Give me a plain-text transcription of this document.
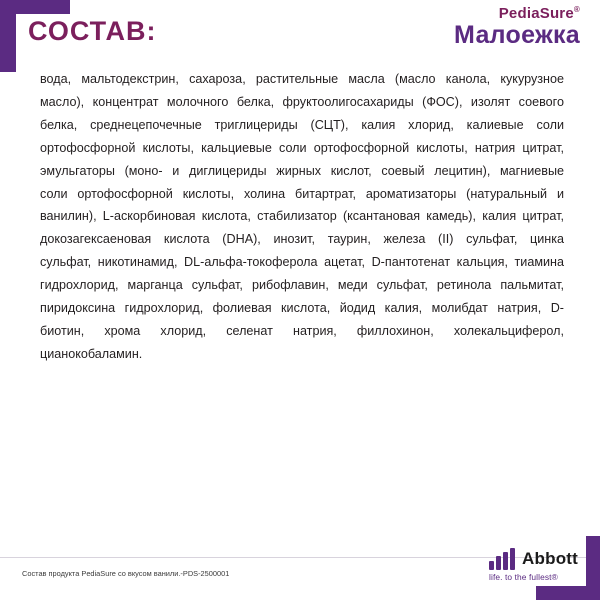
СОСТАВ:
PediaSure®
Малоежка
вода, мальтодекстрин, сахароза, растительные масла (масло канола, кукурузное масло), концентрат молочного белка, фруктоолигосахариды (ФОС), изолят соевого белка, среднецепочечные триглицериды (СЦТ), калия хлорид, калиевые соли ортофосфорной кислоты, кальциевые соли ортофосфорной кислоты, натрия цитрат, эмульгаторы (моно- и диглицериды жирных кислот, соевый лецитин), магниевые соли ортофосфорной кислоты, холина битартрат, ароматизаторы (натуральный и ванилин), L-аскорбиновая кислота, стабилизатор (ксантановая камедь), калия цитрат, докозагексаеновая кислота (DHA), инозит, таурин, железа (II) сульфат, цинка сульфат, никотинамид, DL-альфа-токоферола ацетат, D-пантотенат кальция, тиамина гидрохлорид, марганца сульфат, рибофлавин, меди сульфат, ретинола пальмитат, пиридоксина гидрохлорид, фолиевая кислота, йодид калия, молибдат натрия, D-биотин, хрома хлорид, селенат натрия, филлохинон, холекальциферол, цианокобаламин.
Состав продукта PediaSure со вкусом ванили.-PDS-2500001
Abbott
life. to the fullest®
